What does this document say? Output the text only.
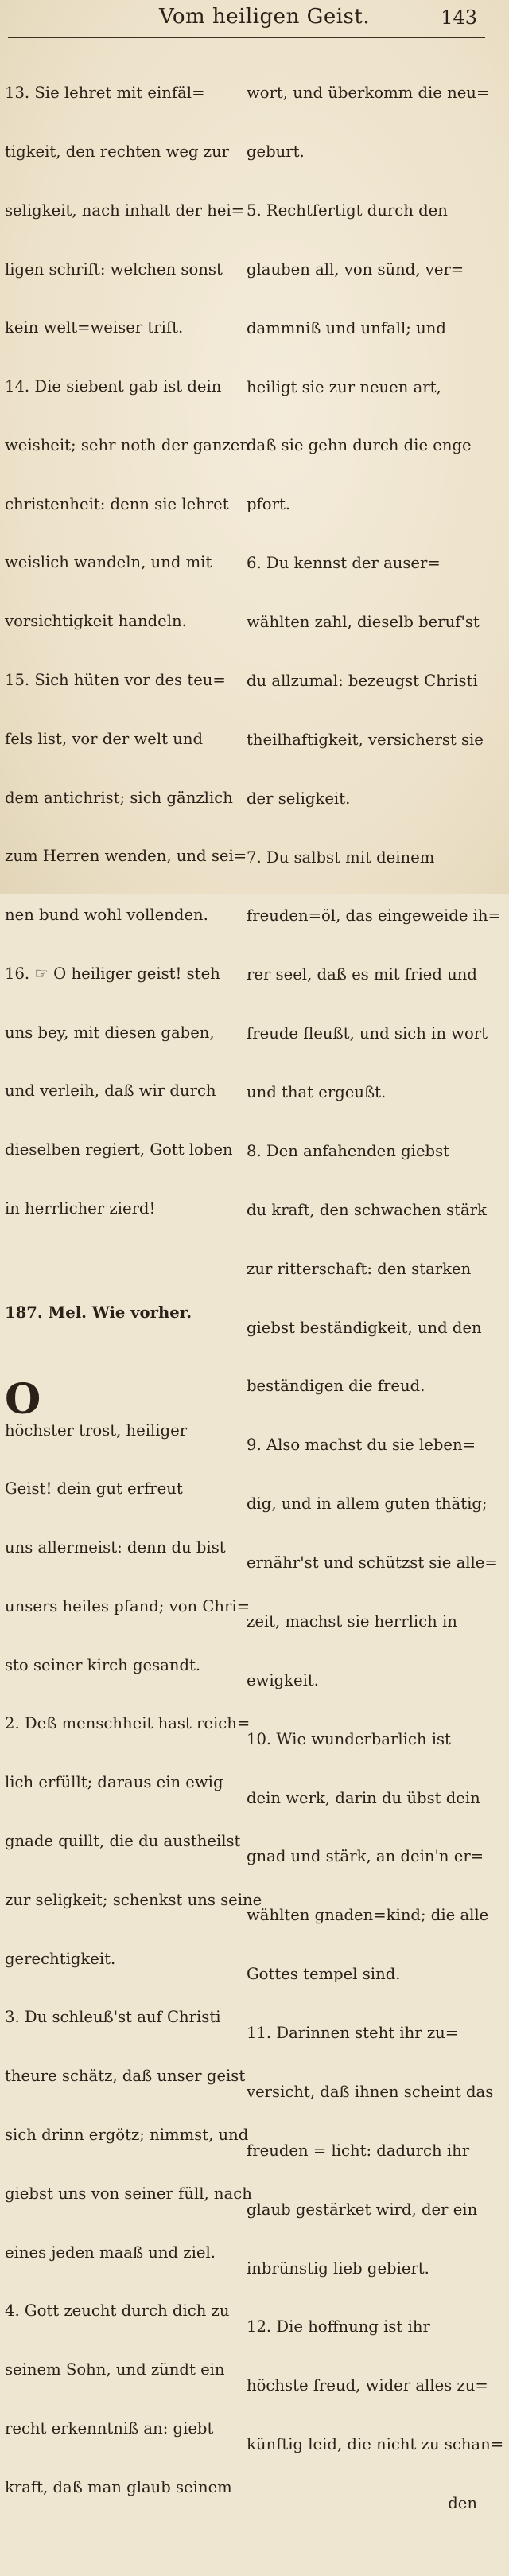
Vom heiligen Geist.	143

13. Sie lehret mit einfäl=

tigkeit, den rechten weg zur

seligkeit, nach inhalt der hei=

ligen schrift: welchen sonst

kein welt=weiser trift.

14. Die siebent gab ist dein

weisheit; sehr noth der ganzen

christenheit: denn sie lehret

weislich wandeln, und mit

vorsichtigkeit handeln.

15. Sich hüten vor des teu=

fels list, vor der welt und

dem antichrist; sich gänzlich

zum Herren wenden, und sei=

nen bund wohl vollenden.

16. ☞ O heiliger geist! steh

uns bey, mit diesen gaben,

und verleih, daß wir durch

dieselben regiert, Gott loben

in herrlicher zierd!

187. Mel. Wie vorher.

O

höchster trost, heiliger

Geist! dein gut erfreut

uns allermeist: denn du bist

unsers heiles pfand; von Chri=

sto seiner kirch gesandt.

2. Deß menschheit hast reich=

lich erfüllt; daraus ein ewig

gnade quillt, die du austheilst

zur seligkeit; schenkst uns seine

gerechtigkeit.

3. Du schleuß'st auf Christi

theure schätz, daß unser geist

sich drinn ergötz; nimmst, und

giebst uns von seiner füll, nach

eines jeden maaß und ziel.

4. Gott zeucht durch dich zu

seinem Sohn, und zündt ein

recht erkenntniß an: giebt

kraft, daß man glaub seinem

wort, und überkomm die neu=

geburt.

5. Rechtfertigt durch den

glauben all, von sünd, ver=

dammniß und unfall; und

heiligt sie zur neuen art,

daß sie gehn durch die enge

pfort.

6. Du kennst der auser=

wählten zahl, dieselb beruf'st

du allzumal: bezeugst Christi

theilhaftigkeit, versicherst sie

der seligkeit.

7. Du salbst mit deinem

freuden=öl, das eingeweide ih=

rer seel, daß es mit fried und

freude fleußt, und sich in wort

und that ergeußt.

8. Den anfahenden giebst

du kraft, den schwachen stärk

zur ritterschaft: den starken

giebst beständigkeit, und den

beständigen die freud.

9. Also machst du sie leben=

dig, und in allem guten thätig;

ernähr'st und schützst sie alle=

zeit, machst sie herrlich in

ewigkeit.

10. Wie wunderbarlich ist

dein werk, darin du übst dein

gnad und stärk, an dein'n er=

wählten gnaden=kind; die alle

Gottes tempel sind.

11. Darinnen steht ihr zu=

versicht, daß ihnen scheint das

freuden = licht: dadurch ihr

glaub gestärket wird, der ein

inbrünstig lieb gebiert.

12. Die hoffnung ist ihr

höchste freud, wider alles zu=

künftig leid, die nicht zu schan=

den
